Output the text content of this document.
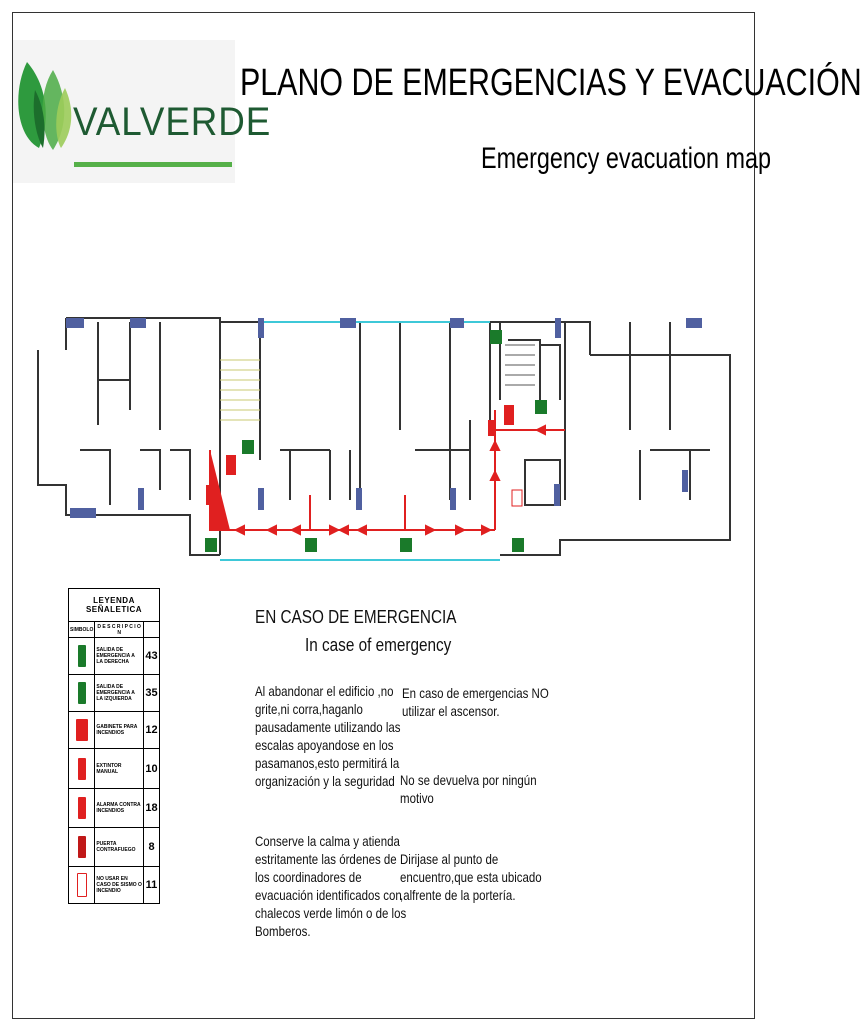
VALVERDE
PLANO DE EMERGENCIAS Y EVACUACIÓN
Emergency evacuation map
LEYENDA SEÑALETICA		
SIMBOLO	D E S C R I P C I O N	

	SALIDA DE EMERGENCIA A LA DERECHA	43

	SALIDA DE EMERGENCIA A LA IZQUIERDA	35

	GABINETE PARA INCENDIOS	12

	EXTINTOR MANUAL	10

	ALARMA CONTRA INCENDIOS	18

	PUERTA CONTRAFUEGO	8

	NO USAR EN CASO DE SISMO O INCENDIO	11
EN CASO DE EMERGENCIA
In case of emergency
Al abandonar el edificio ,no
grite,ni corra,haganlo
pausadamente utilizando las
escalas apoyandose en los
pasamanos,esto permitirá la
organización y la seguridad
Conserve la calma y atienda
estritamente las órdenes de
los coordinadores de
evacuación identificados con
chalecos verde limón o de los
Bomberos.
En caso de emergencias NO
utilizar el ascensor.
No se devuelva por ningún
motivo
Dirijase al punto de
encuentro,que esta ubicado
,alfrente de la portería.
